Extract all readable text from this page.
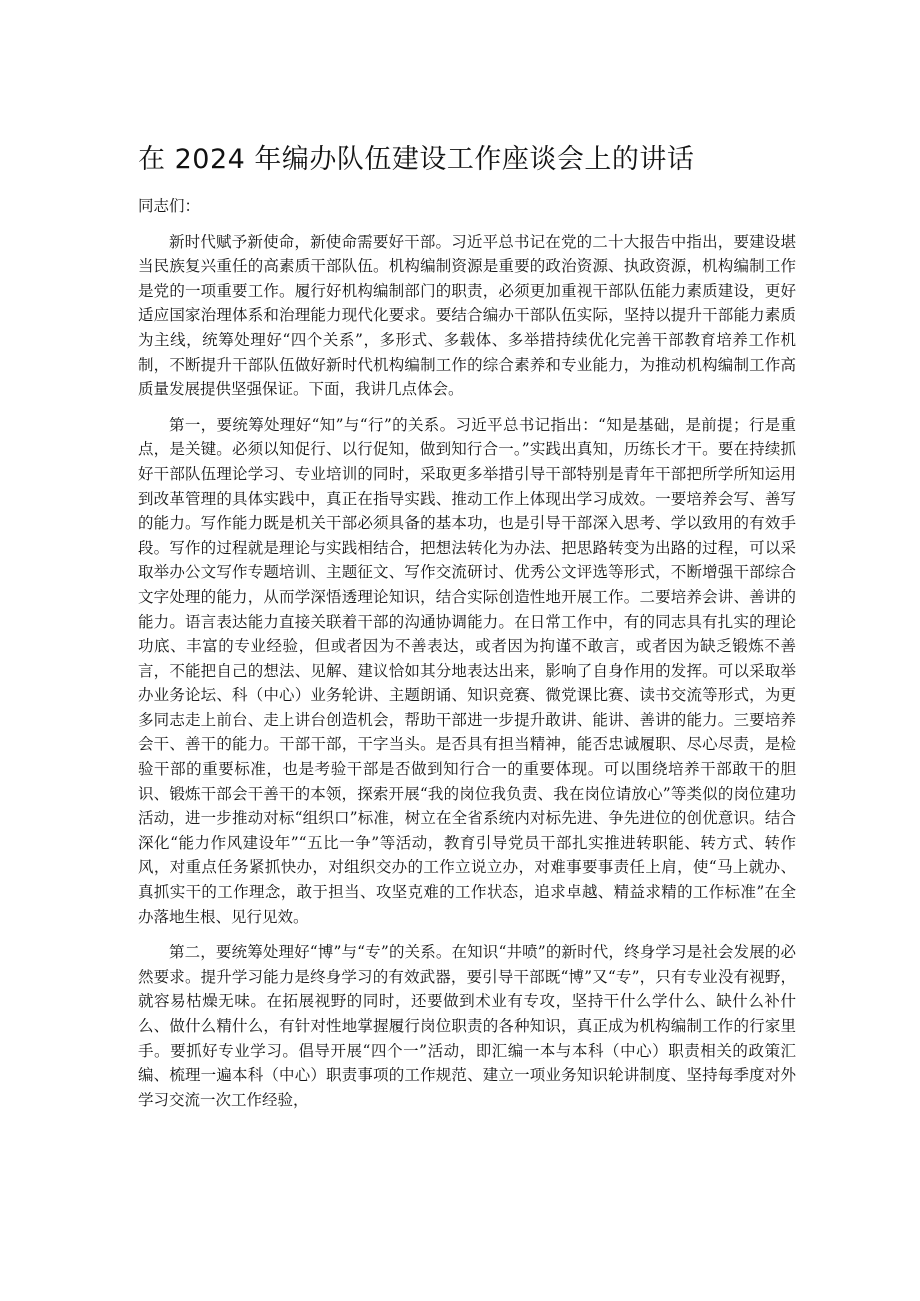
在 2024 年编办队伍建设工作座谈会上的讲话

同志们：

新时代赋予新使命，新使命需要好干部。习近平总书记在党的二十大报告中指出，要建设堪当民族复兴重任的高素质干部队伍。机构编制资源是重要的政治资源、执政资源，机构编制工作是党的一项重要工作。履行好机构编制部门的职责，必须更加重视干部队伍能力素质建设，更好适应国家治理体系和治理能力现代化要求。要结合编办干部队伍实际，坚持以提升干部能力素质为主线，统筹处理好“四个关系”，多形式、多载体、多举措持续优化完善干部教育培养工作机制，不断提升干部队伍做好新时代机构编制工作的综合素养和专业能力，为推动机构编制工作高质量发展提供坚强保证。下面，我讲几点体会。

第一，要统筹处理好“知”与“行”的关系。习近平总书记指出：“知是基础，是前提；行是重点，是关键。必须以知促行、以行促知，做到知行合一。”实践出真知，历练长才干。要在持续抓好干部队伍理论学习、专业培训的同时，采取更多举措引导干部特别是青年干部把所学所知运用到改革管理的具体实践中，真正在指导实践、推动工作上体现出学习成效。一要培养会写、善写的能力。写作能力既是机关干部必须具备的基本功，也是引导干部深入思考、学以致用的有效手段。写作的过程就是理论与实践相结合，把想法转化为办法、把思路转变为出路的过程，可以采取举办公文写作专题培训、主题征文、写作交流研讨、优秀公文评选等形式，不断增强干部综合文字处理的能力，从而学深悟透理论知识，结合实际创造性地开展工作。二要培养会讲、善讲的能力。语言表达能力直接关联着干部的沟通协调能力。在日常工作中，有的同志具有扎实的理论功底、丰富的专业经验，但或者因为不善表达，或者因为拘谨不敢言，或者因为缺乏锻炼不善言，不能把自己的想法、见解、建议恰如其分地表达出来，影响了自身作用的发挥。可以采取举办业务论坛、科（中心）业务轮讲、主题朗诵、知识竞赛、微党课比赛、读书交流等形式，为更多同志走上前台、走上讲台创造机会，帮助干部进一步提升敢讲、能讲、善讲的能力。三要培养会干、善干的能力。干部干部，干字当头。是否具有担当精神，能否忠诚履职、尽心尽责，是检验干部的重要标准，也是考验干部是否做到知行合一的重要体现。可以围绕培养干部敢干的胆识、锻炼干部会干善干的本领，探索开展“我的岗位我负责、我在岗位请放心”等类似的岗位建功活动，进一步推动对标“组织口”标准，树立在全省系统内对标先进、争先进位的创优意识。结合深化“能力作风建设年”“五比一争”等活动，教育引导党员干部扎实推进转职能、转方式、转作风，对重点任务紧抓快办，对组织交办的工作立说立办，对难事要事责任上肩，使“马上就办、真抓实干的工作理念，敢于担当、攻坚克难的工作状态，追求卓越、精益求精的工作标准”在全办落地生根、见行见效。

第二，要统筹处理好“博”与“专”的关系。在知识“井喷”的新时代，终身学习是社会发展的必然要求。提升学习能力是终身学习的有效武器，要引导干部既“博”又“专”，只有专业没有视野，就容易枯燥无味。在拓展视野的同时，还要做到术业有专攻，坚持干什么学什么、缺什么补什么、做什么精什么，有针对性地掌握履行岗位职责的各种知识，真正成为机构编制工作的行家里手。要抓好专业学习。倡导开展“四个一”活动，即汇编一本与本科（中心）职责相关的政策汇编、梳理一遍本科（中心）职责事项的工作规范、建立一项业务知识轮讲制度、坚持每季度对外学习交流一次工作经验，
